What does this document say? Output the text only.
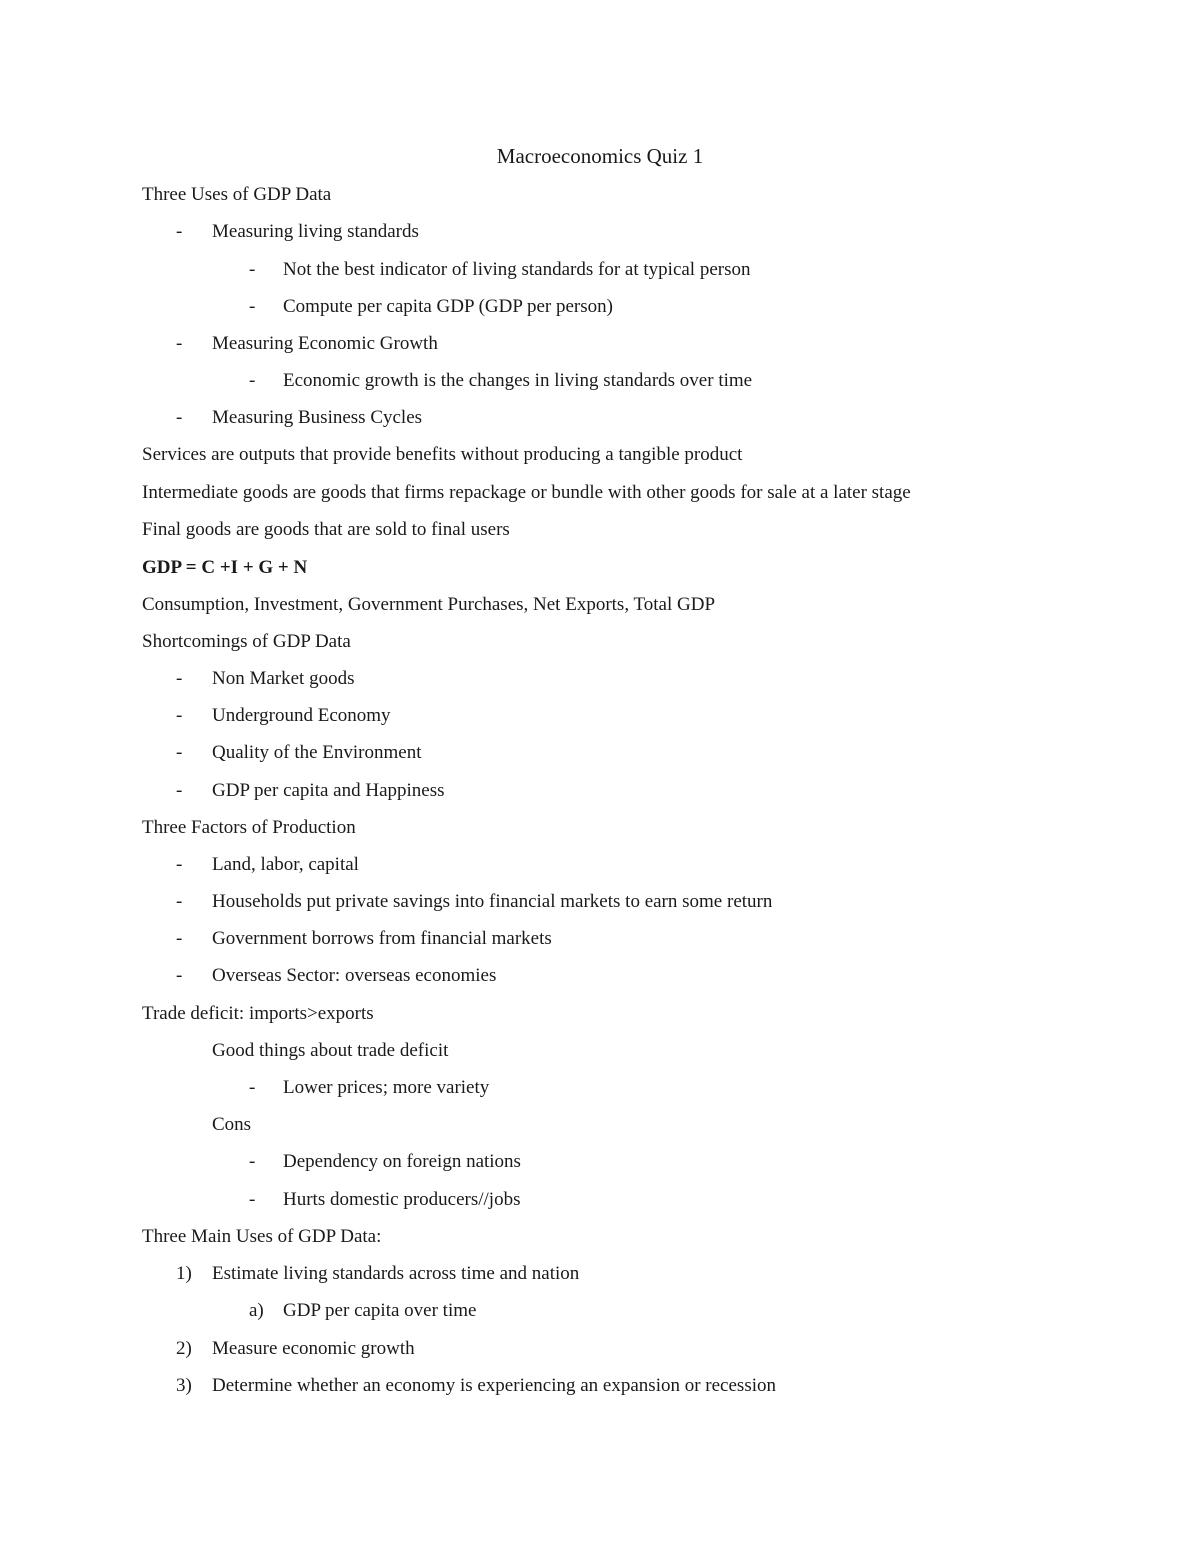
Macroeconomics Quiz 1
Three Uses of GDP Data
- Measuring living standards
- Not the best indicator of living standards for at typical person
- Compute per capita GDP (GDP per person)
- Measuring Economic Growth
- Economic growth is the changes in living standards over time
- Measuring Business Cycles
Services are outputs that provide benefits without producing a tangible product
Intermediate goods are goods that firms repackage or bundle with other goods for sale at a later stage
Final goods are goods that are sold to final users
GDP = C +I + G + N
Consumption, Investment, Government Purchases, Net Exports, Total GDP
Shortcomings of GDP Data
- Non Market goods
- Underground Economy
- Quality of the Environment
- GDP per capita and Happiness
Three Factors of Production
- Land, labor, capital
- Households put private savings into financial markets to earn some return
- Government borrows from financial markets
- Overseas Sector: overseas economies
Trade deficit: imports>exports
Good things about trade deficit
- Lower prices; more variety
Cons
- Dependency on foreign nations
- Hurts domestic producers//jobs
Three Main Uses of GDP Data:
1) Estimate living standards across time and nation
a) GDP per capita over time
2) Measure economic growth
3) Determine whether an economy is experiencing an expansion or recession
